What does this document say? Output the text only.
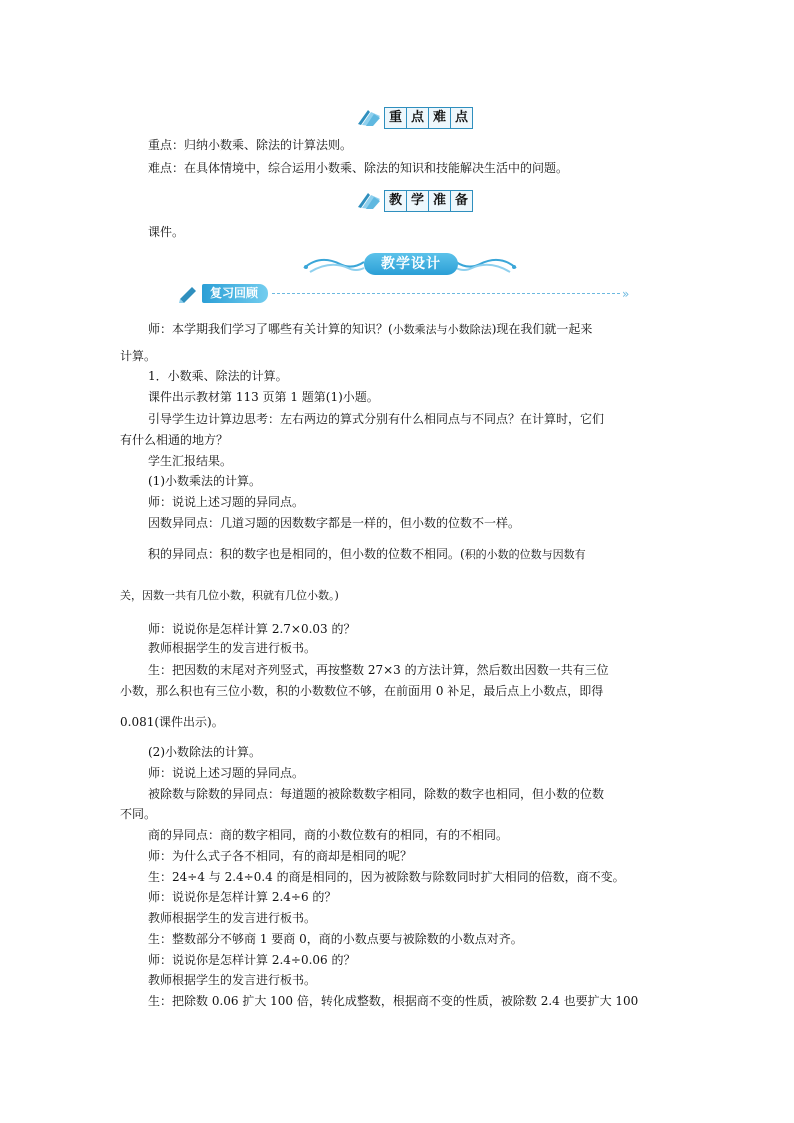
重 点 难 点
重点：归纳小数乘、除法的计算法则。
难点：在具体情境中，综合运用小数乘、除法的知识和技能解决生活中的问题。
教 学 准 备
课件。
教学设计
复习回顾	»
师：本学期我们学习了哪些有关计算的知识？(小数乘法与小数除法)现在我们就一起来
计算。
1．小数乘、除法的计算。
课件出示教材第 113 页第 1 题第(1)小题。
引导学生边计算边思考：左右两边的算式分别有什么相同点与不同点？在计算时，它们
有什么相通的地方？
学生汇报结果。
(1)小数乘法的计算。
师：说说上述习题的异同点。
因数异同点：几道习题的因数数字都是一样的，但小数的位数不一样。
积的异同点：积的数字也是相同的，但小数的位数不相同。(积的小数的位数与因数有
关，因数一共有几位小数，积就有几位小数。)
师：说说你是怎样计算 2.7×0.03 的？
教师根据学生的发言进行板书。
生：把因数的末尾对齐列竖式，再按整数 27×3 的方法计算，然后数出因数一共有三位
小数，那么积也有三位小数，积的小数数位不够，在前面用 0 补足，最后点上小数点，即得
0.081(课件出示)。
(2)小数除法的计算。
师：说说上述习题的异同点。
被除数与除数的异同点：每道题的被除数数字相同，除数的数字也相同，但小数的位数
不同。
商的异同点：商的数字相同，商的小数位数有的相同，有的不相同。
师：为什么式子各不相同，有的商却是相同的呢？
生：24÷4 与 2.4÷0.4 的商是相同的，因为被除数与除数同时扩大相同的倍数，商不变。
师：说说你是怎样计算 2.4÷6 的？
教师根据学生的发言进行板书。
生：整数部分不够商 1 要商 0，商的小数点要与被除数的小数点对齐。
师：说说你是怎样计算 2.4÷0.06 的？
教师根据学生的发言进行板书。
生：把除数 0.06 扩大 100 倍，转化成整数，根据商不变的性质，被除数 2.4 也要扩大 100
